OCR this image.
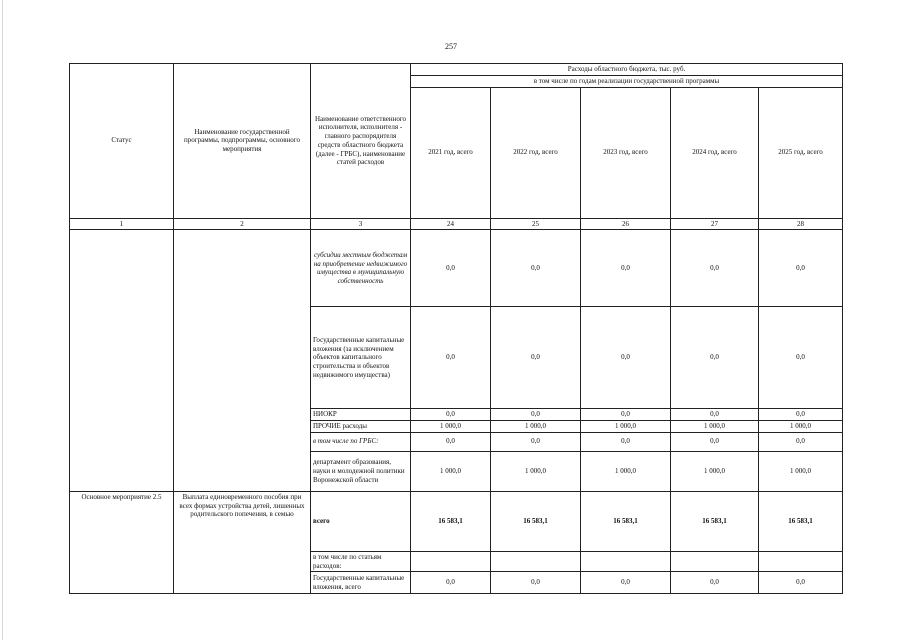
257
Статус	Наименование государственной программы, подпрограммы, основного мероприятия	Наименование ответственного исполнителя, исполнителя - главного распорядителя средств областного бюджета (далее - ГРБС), наименование статей расходов	Расходы областного бюджета, тыс. руб.				
			в том числе по годам реализации государственной программы				
			2021 год, всего	2022 год, всего	2023 год, всего	2024 год, всего	2025 год, всего
1	2	3	24	25	26	27	28
		субсидии местным бюджетам на приобретение недвижимого имущества в муниципальную собственность	0,0	0,0	0,0	0,0	0,0
		Государственные капитальные вложения (за исключением объектов капитального строительства и объектов недвижимого имущества)	0,0	0,0	0,0	0,0	0,0
		НИОКР	0,0	0,0	0,0	0,0	0,0
		ПРОЧИЕ расходы	1 000,0	1 000,0	1 000,0	1 000,0	1 000,0
		в том числе по ГРБС:	0,0	0,0	0,0	0,0	0,0
		департамент образования, науки и молодежной политики Воронежской области	1 000,0	1 000,0	1 000,0	1 000,0	1 000,0
Основное мероприятие 2.5	Выплата единовременного пособия при всех формах устройства детей, лишенных родительского попечения, в семью	всего	16 583,1	16 583,1	16 583,1	16 583,1	16 583,1
		в том числе по статьям расходов:					
		Государственные капитальные вложения, всего	0,0	0,0	0,0	0,0	0,0
